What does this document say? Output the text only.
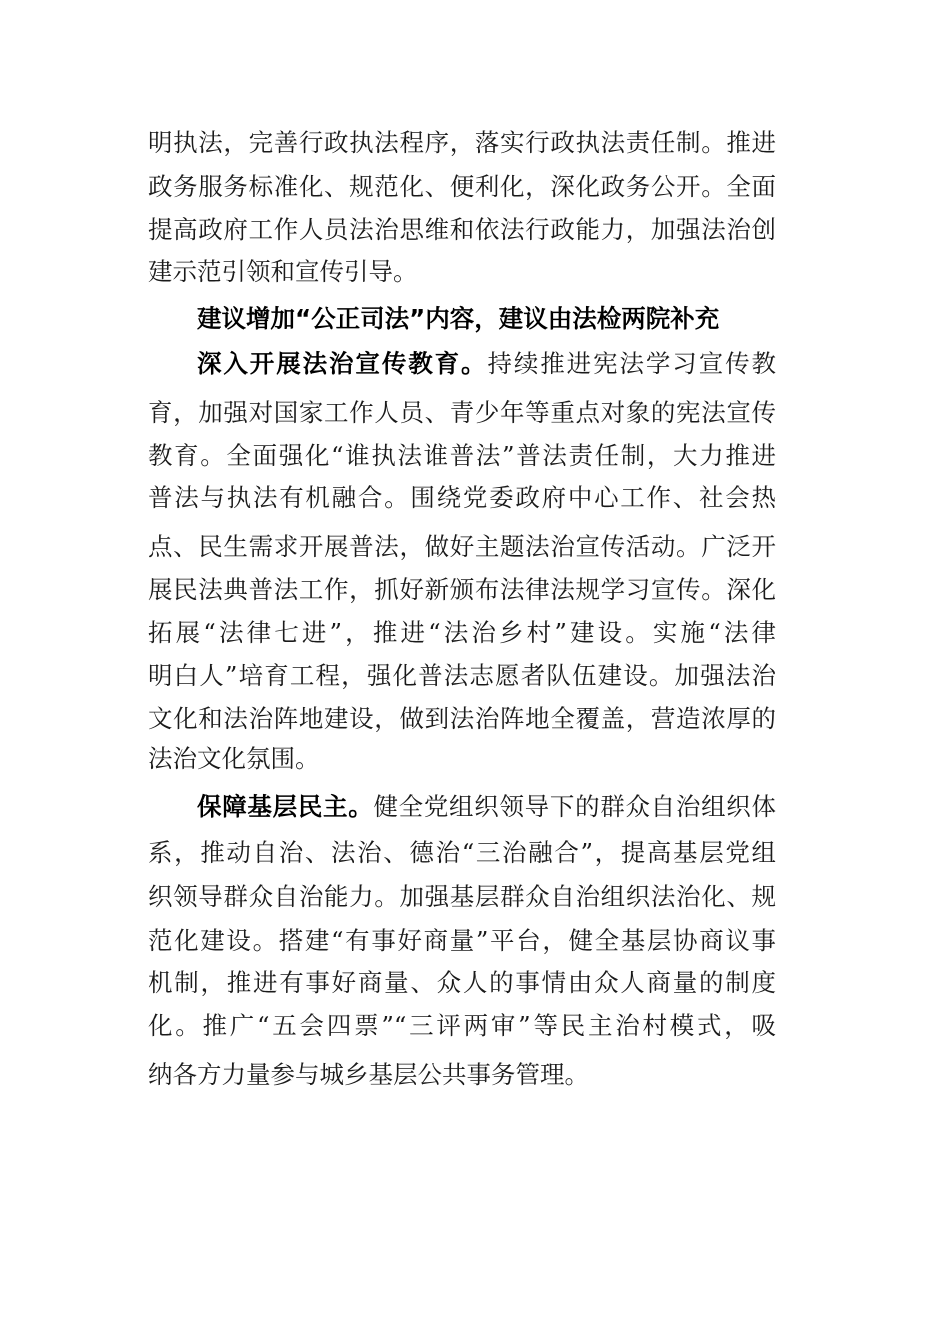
明执法，完善行政执法程序，落实行政执法责任制。推进
政务服务标准化、规范化、便利化，深化政务公开。全面
提高政府工作人员法治思维和依法行政能力，加强法治创
建示范引领和宣传引导。
建议增加“公正司法”内容，建议由法检两院补充
深入开展法治宣传教育。持续推进宪法学习宣传教
育，加强对国家工作人员、青少年等重点对象的宪法宣传
教育。全面强化“谁执法谁普法”普法责任制，大力推进
普法与执法有机融合。围绕党委政府中心工作、社会热
点、民生需求开展普法，做好主题法治宣传活动。广泛开
展民法典普法工作，抓好新颁布法律法规学习宣传。深化
拓展“法律七进”，推进“法治乡村”建设。实施“法律
明白人”培育工程，强化普法志愿者队伍建设。加强法治
文化和法治阵地建设，做到法治阵地全覆盖，营造浓厚的
法治文化氛围。
保障基层民主。健全党组织领导下的群众自治组织体
系，推动自治、法治、德治“三治融合”，提高基层党组
织领导群众自治能力。加强基层群众自治组织法治化、规
范化建设。搭建“有事好商量”平台，健全基层协商议事
机制，推进有事好商量、众人的事情由众人商量的制度
化。推广“五会四票”“三评两审”等民主治村模式，吸
纳各方力量参与城乡基层公共事务管理。
